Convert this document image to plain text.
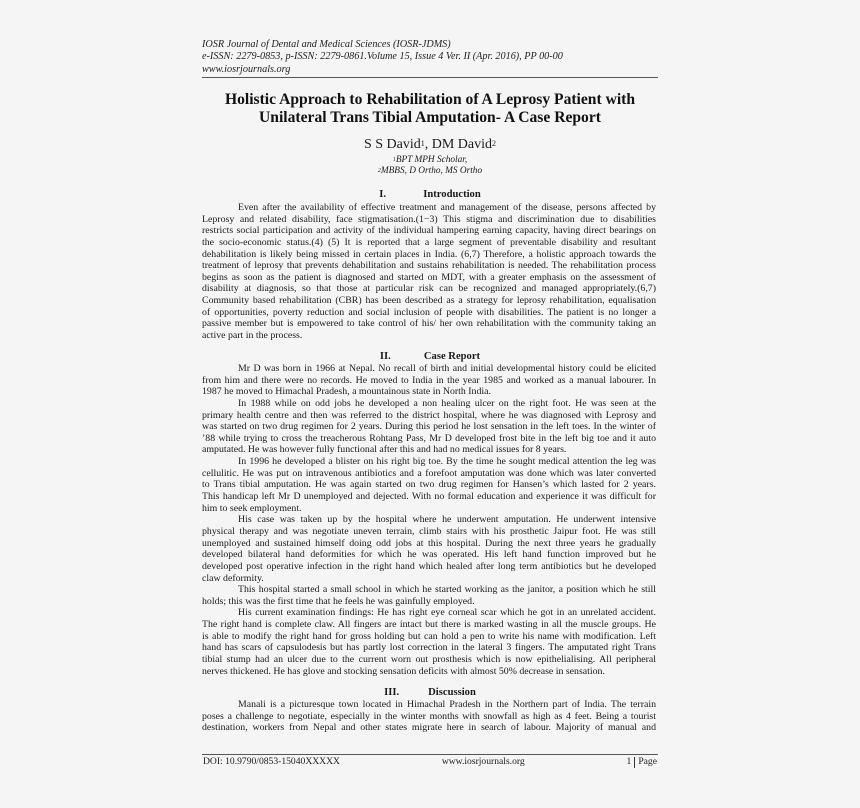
IOSR Journal of Dental and Medical Sciences (IOSR-JDMS)
e-ISSN: 2279-0853, p-ISSN: 2279-0861.Volume 15, Issue 4 Ver. II (Apr. 2016), PP 00-00
www.iosrjournals.org
Holistic Approach to Rehabilitation of A Leprosy Patient with
Unilateral Trans Tibial Amputation- A Case Report
S S David$^1$, DM David$^2$
$^1$BPT MPH Scholar,
$^2$MBBS, D Ortho, MS Ortho
I.	Introduction
Even after the availability of effective treatment and management of the disease, persons affected by
Leprosy and related disability, face stigmatisation.(1−3) This stigma and discrimination due to disabilities
restricts social participation and activity of the individual hampering earning capacity, having direct bearings on
the socio-economic status.(4) (5) It is reported that a large segment of preventable disability and resultant
dehabilitation is likely being missed in certain places in India. (6,7) Therefore, a holistic approach towards the
treatment of leprosy that prevents dehabilitation and sustains rehabilitation is needed. The rehabilitation process
begins as soon as the patient is diagnosed and started on MDT, with a greater emphasis on the assessment of
disability at diagnosis, so that those at particular risk can be recognized and managed appropriately.(6,7)
Community based rehabilitation (CBR) has been described as a strategy for leprosy rehabilitation, equalisation
of opportunities, poverty reduction and social inclusion of people with disabilities. The patient is no longer a
passive member but is empowered to take control of his/ her own rehabilitation with the community taking an
active part in the process.
II.	Case Report
Mr D was born in 1966 at Nepal. No recall of birth and initial developmental history could be elicited
from him and there were no records. He moved to India in the year 1985 and worked as a manual labourer. In
1987 he moved to Himachal Pradesh, a mountainous state in North India.
In 1988 while on odd jobs he developed a non healing ulcer on the right foot. He was seen at the
primary health centre and then was referred to the district hospital, where he was diagnosed with Leprosy and
was started on two drug regimen for 2 years. During this period he lost sensation in the left toes. In the winter of
’88 while trying to cross the treacherous Rohtang Pass, Mr D developed frost bite in the left big toe and it auto
amputated. He was however fully functional after this and had no medical issues for 8 years.
In 1996 he developed a blister on his right big toe. By the time he sought medical attention the leg was
cellulitic. He was put on intravenous antibiotics and a forefoot amputation was done which was later converted
to Trans tibial amputation. He was again started on two drug regimen for Hansen’s which lasted for 2 years.
This handicap left Mr D unemployed and dejected. With no formal education and experience it was difficult for
him to seek employment.
His case was taken up by the hospital where he underwent amputation. He underwent intensive
physical therapy and was negotiate uneven terrain, climb stairs with his prosthetic Jaipur foot. He was still
unemployed and sustained himself doing odd jobs at this hospital. During the next three years he gradually
developed bilateral hand deformities for which he was operated. His left hand function improved but he
developed post operative infection in the right hand which healed after long term antibiotics but he developed
claw deformity.
This hospital started a small school in which he started working as the janitor, a position which he still
holds; this was the first time that he feels he was gainfully employed.
His current examination findings: He has right eye corneal scar which he got in an unrelated accident.
The right hand is complete claw. All fingers are intact but there is marked wasting in all the muscle groups. He
is able to modify the right hand for gross holding but can hold a pen to write his name with modification. Left
hand has scars of capsulodesis but has partly lost correction in the lateral 3 fingers. The amputated right Trans
tibial stump had an ulcer due to the current worn out prosthesis which is now epithelialising. All peripheral
nerves thickened. He has glove and stocking sensation deficits with almost 50% decrease in sensation.
III.	Discussion
Manali is a picturesque town located in Himachal Pradesh in the Northern part of India. The terrain
poses a challenge to negotiate, especially in the winter months with snowfall as high as 4 feet. Being a tourist
destination, workers from Nepal and other states migrate here in search of labour. Majority of manual and
DOI: 10.9790/0853-15040XXXXX	www.iosrjournals.org	1 Page
